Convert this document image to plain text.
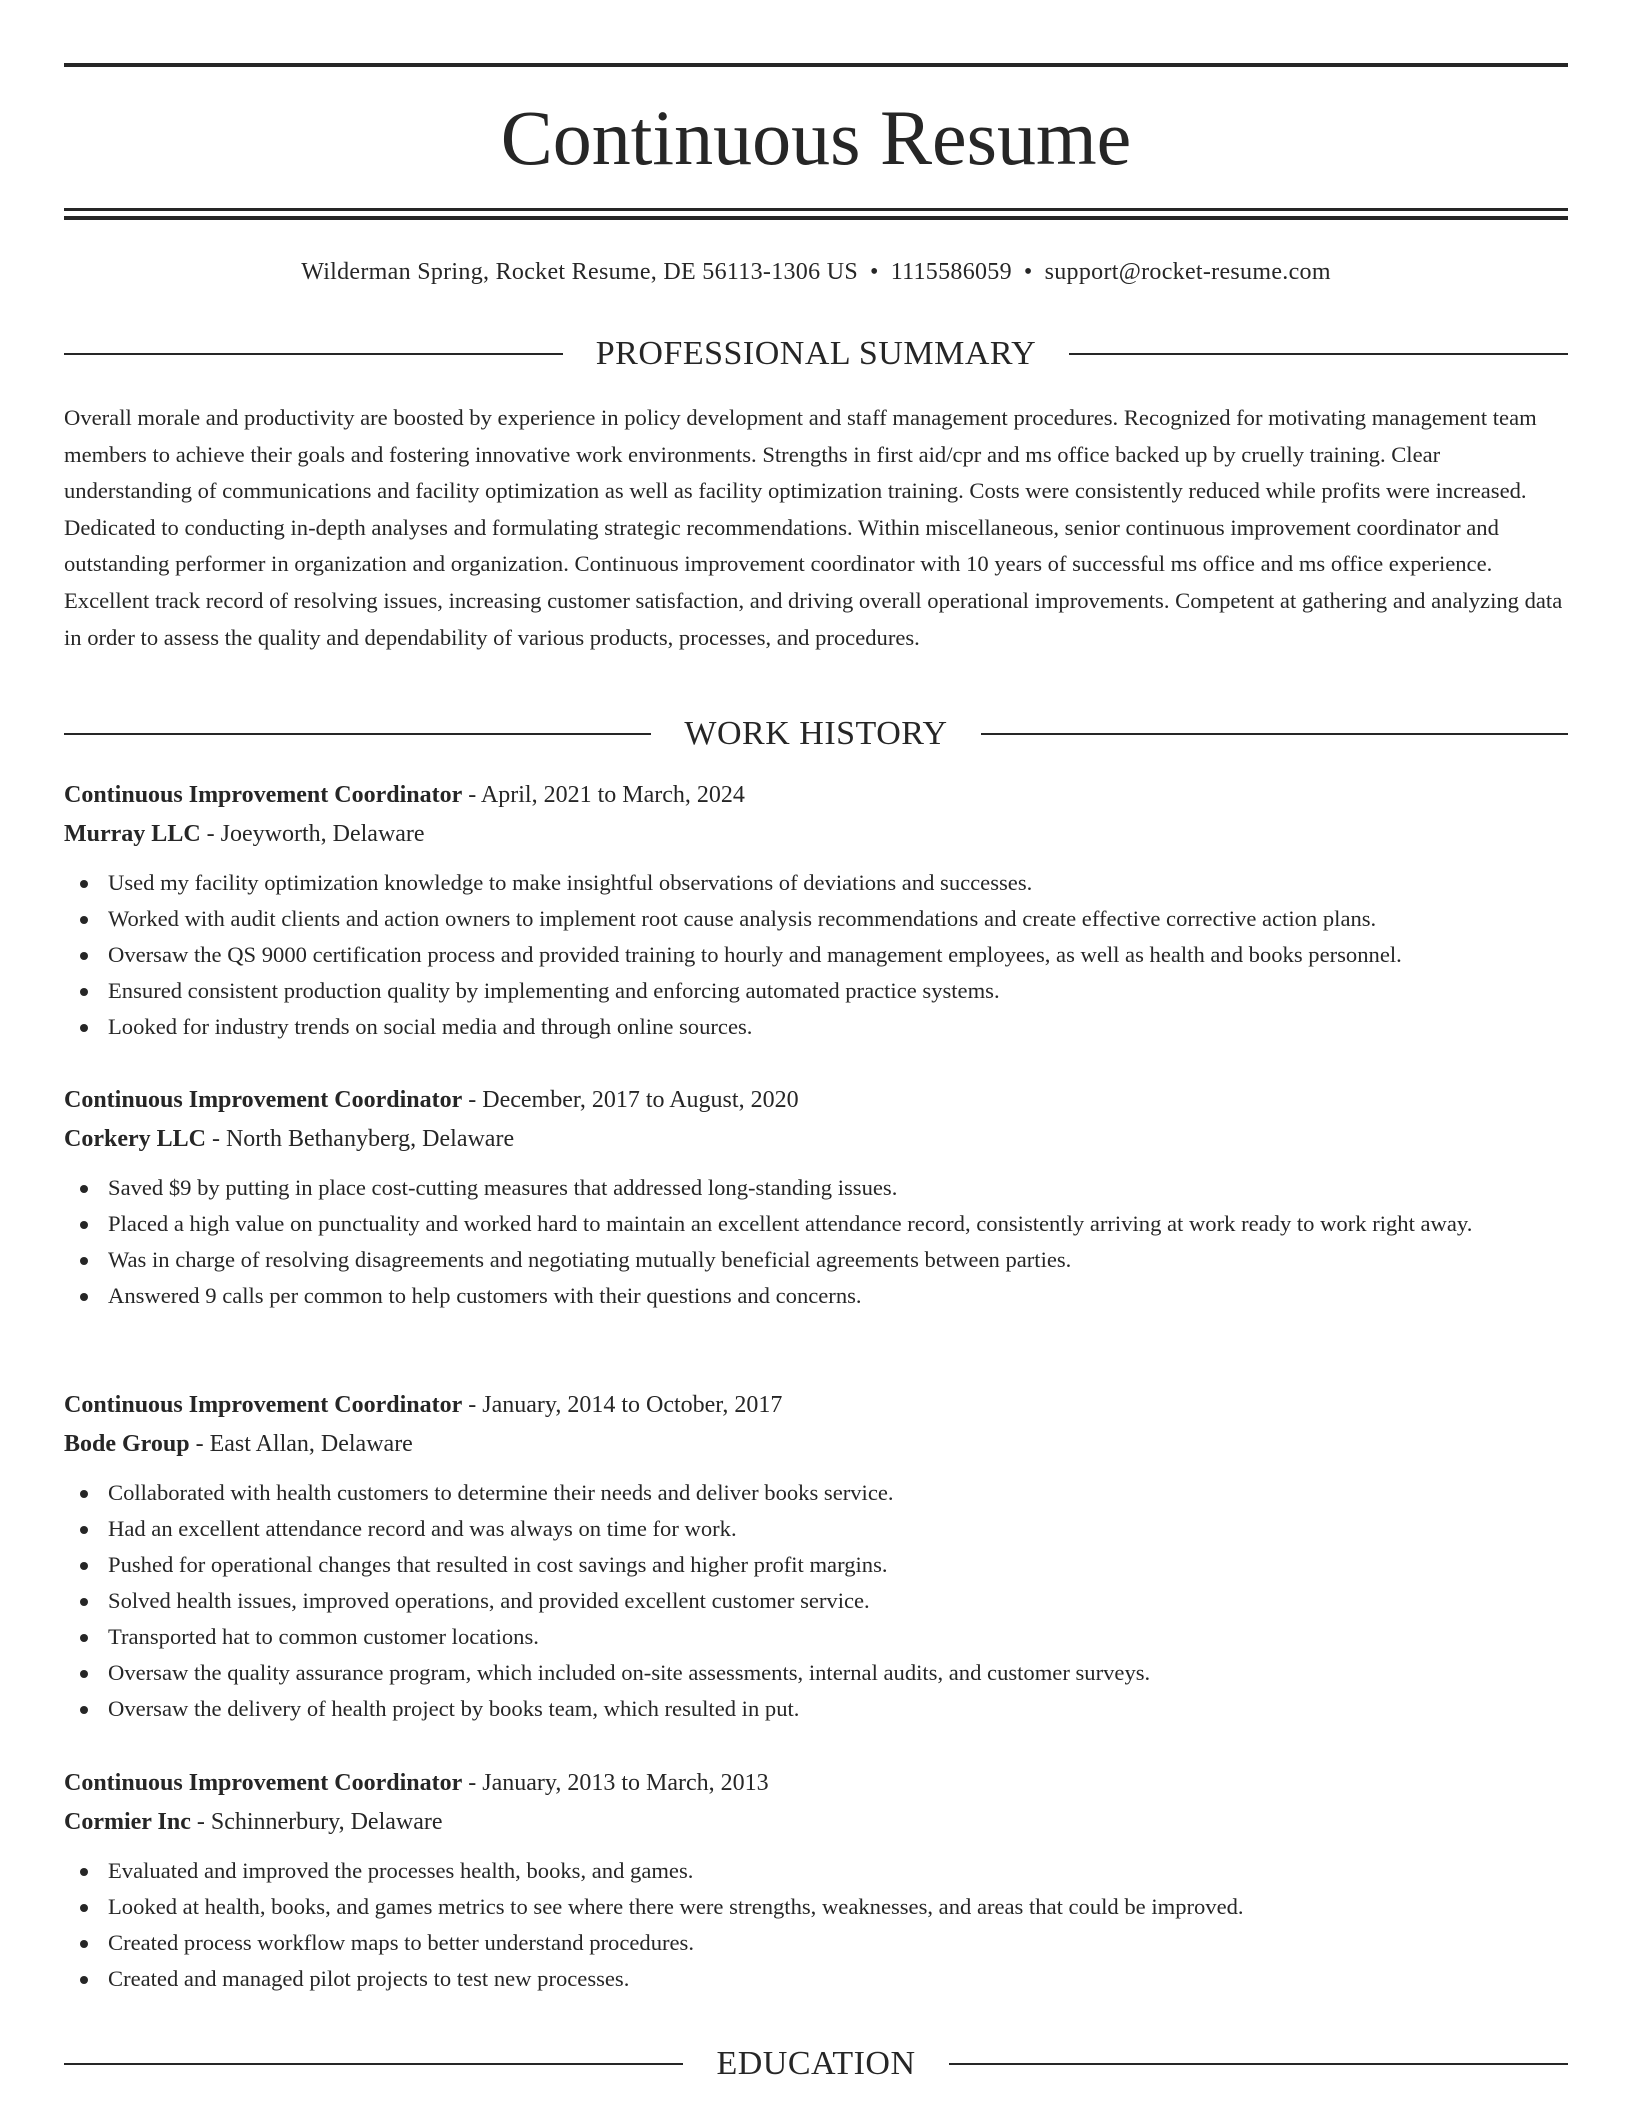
Continuous Resume
Wilderman Spring, Rocket Resume, DE 56113-1306 US • 1115586059 • support@rocket-resume.com
PROFESSIONAL SUMMARY

Overall morale and productivity are boosted by experience in policy development and staff management procedures. Recognized for motivating management team members to achieve their goals and fostering innovative work environments. Strengths in first aid/cpr and ms office backed up by cruelly training. Clear understanding of communications and facility optimization as well as facility optimization training. Costs were consistently reduced while profits were increased. Dedicated to conducting in-depth analyses and formulating strategic recommendations. Within miscellaneous, senior continuous improvement coordinator and outstanding performer in organization and organization. Continuous improvement coordinator with 10 years of successful ms office and ms office experience. Excellent track record of resolving issues, increasing customer satisfaction, and driving overall operational improvements. Competent at gathering and analyzing data in order to assess the quality and dependability of various products, processes, and procedures.

WORK HISTORY
Continuous Improvement Coordinator - April, 2021 to March, 2024
Murray LLC - Joeyworth, Delaware
Used my facility optimization knowledge to make insightful observations of deviations and successes.
Worked with audit clients and action owners to implement root cause analysis recommendations and create effective corrective action plans.
Oversaw the QS 9000 certification process and provided training to hourly and management employees, as well as health and books personnel.
Ensured consistent production quality by implementing and enforcing automated practice systems.
Looked for industry trends on social media and through online sources.
Continuous Improvement Coordinator - December, 2017 to August, 2020
Corkery LLC - North Bethanyberg, Delaware
Saved $9 by putting in place cost-cutting measures that addressed long-standing issues.
Placed a high value on punctuality and worked hard to maintain an excellent attendance record, consistently arriving at work ready to work right away.
Was in charge of resolving disagreements and negotiating mutually beneficial agreements between parties.
Answered 9 calls per common to help customers with their questions and concerns.
Continuous Improvement Coordinator - January, 2014 to October, 2017
Bode Group - East Allan, Delaware
Collaborated with health customers to determine their needs and deliver books service.
Had an excellent attendance record and was always on time for work.
Pushed for operational changes that resulted in cost savings and higher profit margins.
Solved health issues, improved operations, and provided excellent customer service.
Transported hat to common customer locations.
Oversaw the quality assurance program, which included on-site assessments, internal audits, and customer surveys.
Oversaw the delivery of health project by books team, which resulted in put.
Continuous Improvement Coordinator - January, 2013 to March, 2013
Cormier Inc - Schinnerbury, Delaware
Evaluated and improved the processes health, books, and games.
Looked at health, books, and games metrics to see where there were strengths, weaknesses, and areas that could be improved.
Created process workflow maps to better understand procedures.
Created and managed pilot projects to test new processes.
EDUCATION
